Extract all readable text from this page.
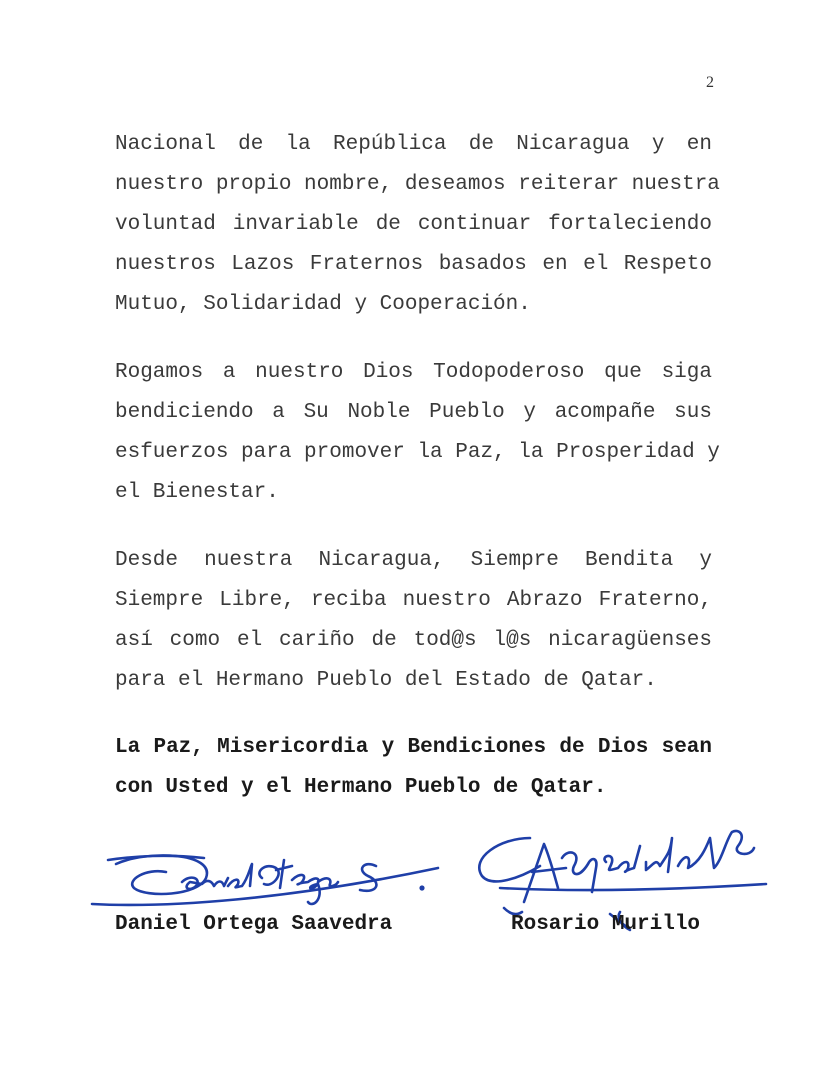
2
Nacional de la República de Nicaragua y en
nuestro propio nombre, deseamos reiterar nuestra
voluntad invariable de continuar fortaleciendo
nuestros Lazos Fraternos basados en el Respeto
Mutuo, Solidaridad y Cooperación.
Rogamos a nuestro Dios Todopoderoso que siga
bendiciendo a Su Noble Pueblo y acompañe sus
esfuerzos para promover la Paz, la Prosperidad y
el Bienestar.
Desde nuestra Nicaragua, Siempre Bendita y
Siempre Libre, reciba nuestro Abrazo Fraterno,
así como el cariño de tod@s l@s nicaragüenses
para el Hermano Pueblo del Estado de Qatar.
La Paz, Misericordia y Bendiciones de Dios sean
con Usted y el Hermano Pueblo de Qatar.
Daniel Ortega Saavedra	Rosario Murillo
